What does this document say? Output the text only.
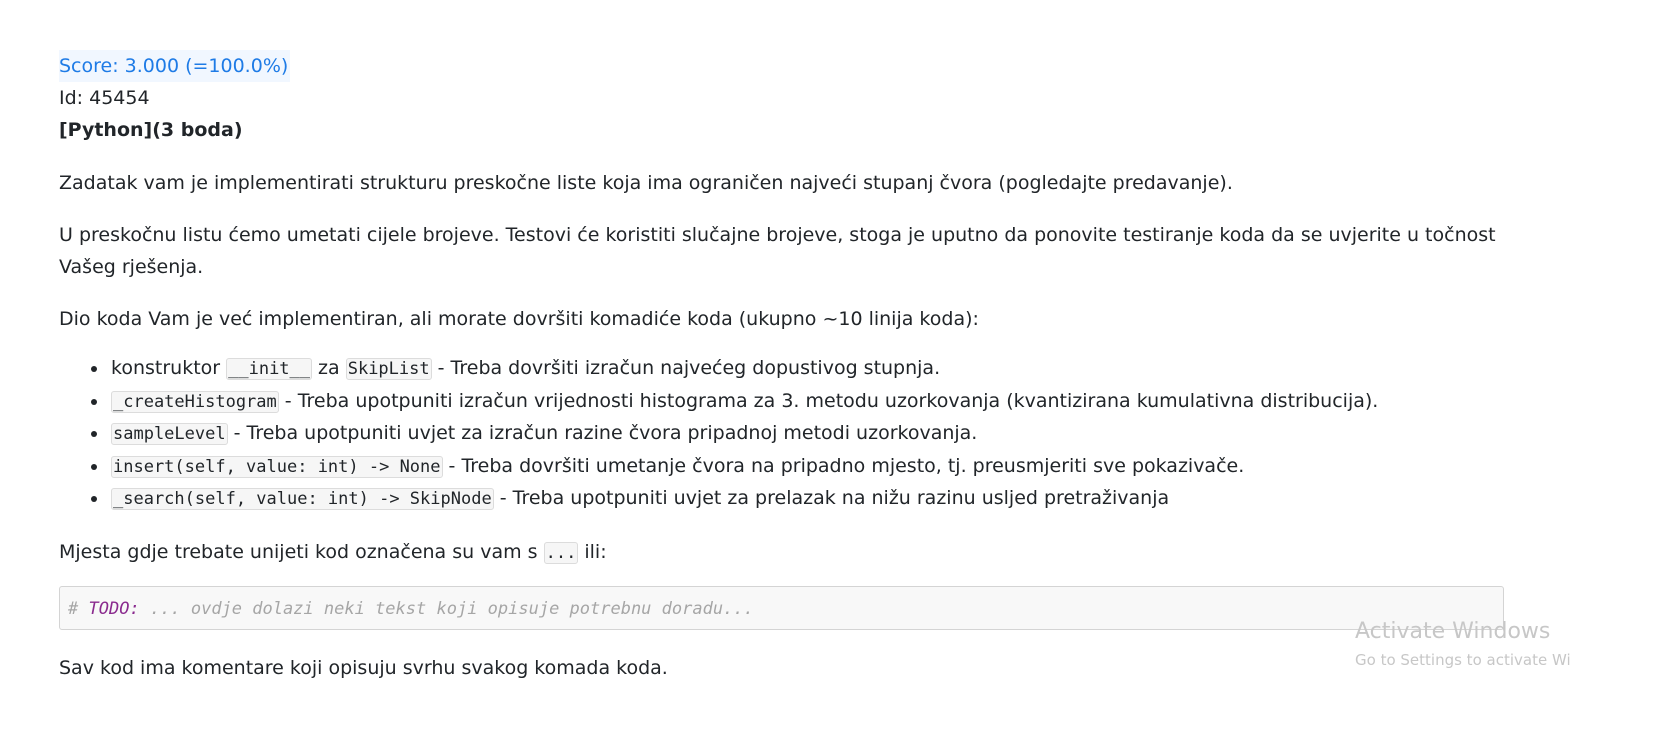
Score: 3.000 (=100.0%)
Id: 45454
[Python](3 boda)

Zadatak vam je implementirati strukturu preskočne liste koja ima ograničen najveći stupanj čvora (pogledajte predavanje).

U preskočnu listu ćemo umetati cijele brojeve. Testovi će koristiti slučajne brojeve, stoga je uputno da ponovite testiranje koda da se uvjerite u točnost Vašeg rješenja.

Dio koda Vam je već implementiran, ali morate dovršiti komadiće koda (ukupno ~10 linija koda):

konstruktor __init__ za SkipList - Treba dovršiti izračun najvećeg dopustivog stupnja.
_createHistogram - Treba upotpuniti izračun vrijednosti histograma za 3. metodu uzorkovanja (kvantizirana kumulativna distribucija).
sampleLevel - Treba upotpuniti uvjet za izračun razine čvora pripadnoj metodi uzorkovanja.
insert(self, value: int) -> None - Treba dovršiti umetanje čvora na pripadno mjesto, tj. preusmjeriti sve pokazivače.
_search(self, value: int) -> SkipNode - Treba upotpuniti uvjet za prelazak na nižu razinu usljed pretraživanja

Mjesta gdje trebate unijeti kod označena su vam s ... ili:

# TODO: ... ovdje dolazi neki tekst koji opisuje potrebnu doradu...

Sav kod ima komentare koji opisuju svrhu svakog komada koda.

Activate Windows
Go to Settings to activate Wi
